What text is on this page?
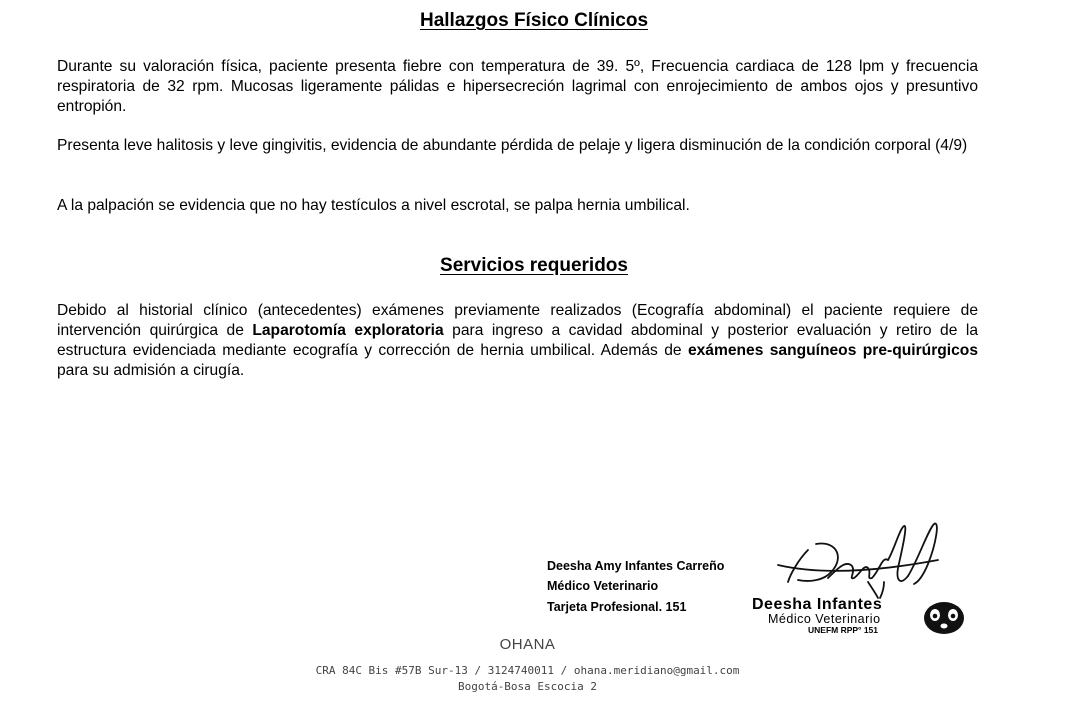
Hallazgos Físico Clínicos

Durante su valoración física, paciente presenta fiebre con temperatura de 39. 5º, Frecuencia cardiaca de 128 lpm y frecuencia respiratoria de 32 rpm. Mucosas ligeramente pálidas e hipersecreción lagrimal con enrojecimiento de ambos ojos y presuntivo entropión.

Presenta leve halitosis y leve gingivitis, evidencia de abundante pérdida de pelaje y ligera disminución de la condición corporal (4/9)

A la palpación se evidencia que no hay testículos a nivel escrotal, se palpa hernia umbilical.

Servicios requeridos

Debido al historial clínico (antecedentes) exámenes previamente realizados (Ecografía abdominal) el paciente requiere de intervención quirúrgica de Laparotomía exploratoria para ingreso a cavidad abdominal y posterior evaluación y retiro de la estructura evidenciada mediante ecografía y corrección de hernia umbilical. Además de exámenes sanguíneos pre-quirúrgicos para su admisión a cirugía.

Deesha Amy Infantes Carreño

Médico Veterinario

Tarjeta Profesional. 151	Deesha Infantes
Médico Veterinario
UNEFM RPP° 151
OHANA
CRA 84C Bis #57B Sur-13 / 3124740011 / ohana.meridiano@gmail.com
Bogotá-Bosa Escocia 2
